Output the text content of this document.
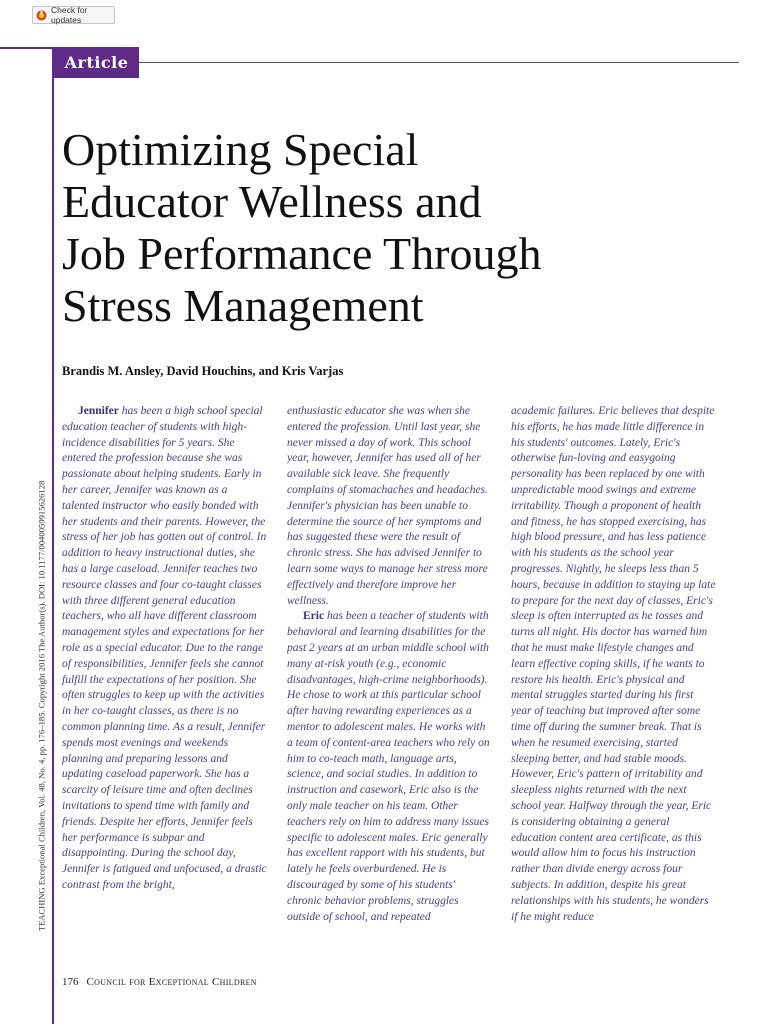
Check for updates
Article
Optimizing Special
Educator Wellness and
Job Performance Through
Stress Management
Brandis M. Ansley, David Houchins, and Kris Varjas

Jennifer has been a high school special education teacher of students with high-incidence disabilities for 5 years. She entered the profession because she was passionate about helping students. Early in her career, Jennifer was known as a talented instructor who easily bonded with her students and their parents. However, the stress of her job has gotten out of control. In addition to heavy instructional duties, she has a large caseload. Jennifer teaches two resource classes and four co-taught classes with three different general education teachers, who all have different classroom management styles and expectations for her role as a special educator. Due to the range of responsibilities, Jennifer feels she cannot fulfill the expectations of her position. She often struggles to keep up with the activities in her co-taught classes, as there is no common planning time. As a result, Jennifer spends most evenings and weekends planning and preparing lessons and updating caseload paperwork. She has a scarcity of leisure time and often declines invitations to spend time with family and friends. Despite her efforts, Jennifer feels her performance is subpar and disappointing. During the school day, Jennifer is fatigued and unfocused, a drastic contrast from the bright,

enthusiastic educator she was when she entered the profession. Until last year, she never missed a day of work. This school year, however, Jennifer has used all of her available sick leave. She frequently complains of stomachaches and headaches. Jennifer's physician has been unable to determine the source of her symptoms and has suggested these were the result of chronic stress. She has advised Jennifer to learn some ways to manage her stress more effectively and therefore improve her wellness.

Eric has been a teacher of students with behavioral and learning disabilities for the past 2 years at an urban middle school with many at-risk youth (e.g., economic disadvantages, high-crime neighborhoods). He chose to work at this particular school after having rewarding experiences as a mentor to adolescent males. He works with a team of content-area teachers who rely on him to co-teach math, language arts, science, and social studies. In addition to instruction and casework, Eric also is the only male teacher on his team. Other teachers rely on him to address many issues specific to adolescent males. Eric generally has excellent rapport with his students, but lately he feels overburdened. He is discouraged by some of his students' chronic behavior problems, struggles outside of school, and repeated

academic failures. Eric believes that despite his efforts, he has made little difference in his students' outcomes. Lately, Eric's otherwise fun-loving and easygoing personality has been replaced by one with unpredictable mood swings and extreme irritability. Though a proponent of health and fitness, he has stopped exercising, has high blood pressure, and has less patience with his students as the school year progresses. Nightly, he sleeps less than 5 hours, because in addition to staying up late to prepare for the next day of classes, Eric's sleep is often interrupted as he tosses and turns all night. His doctor has warned him that he must make lifestyle changes and learn effective coping skills, if he wants to restore his health. Eric's physical and mental struggles started during his first year of teaching but improved after some time off during the summer break. That is when he resumed exercising, started sleeping better, and had stable moods. However, Eric's pattern of irritability and sleepless nights returned with the next school year. Halfway through the year, Eric is considering obtaining a general education content area certificate, as this would allow him to focus his instruction rather than divide energy across four subjects. In addition, despite his great relationships with his students, he wonders if he might reduce

TEACHING Exceptional Children, Vol. 48, No. 4, pp. 176–185. Copyright 2016 The Author(s). DOI: 10.1177/0040059915626128
176 Council for Exceptional Children
